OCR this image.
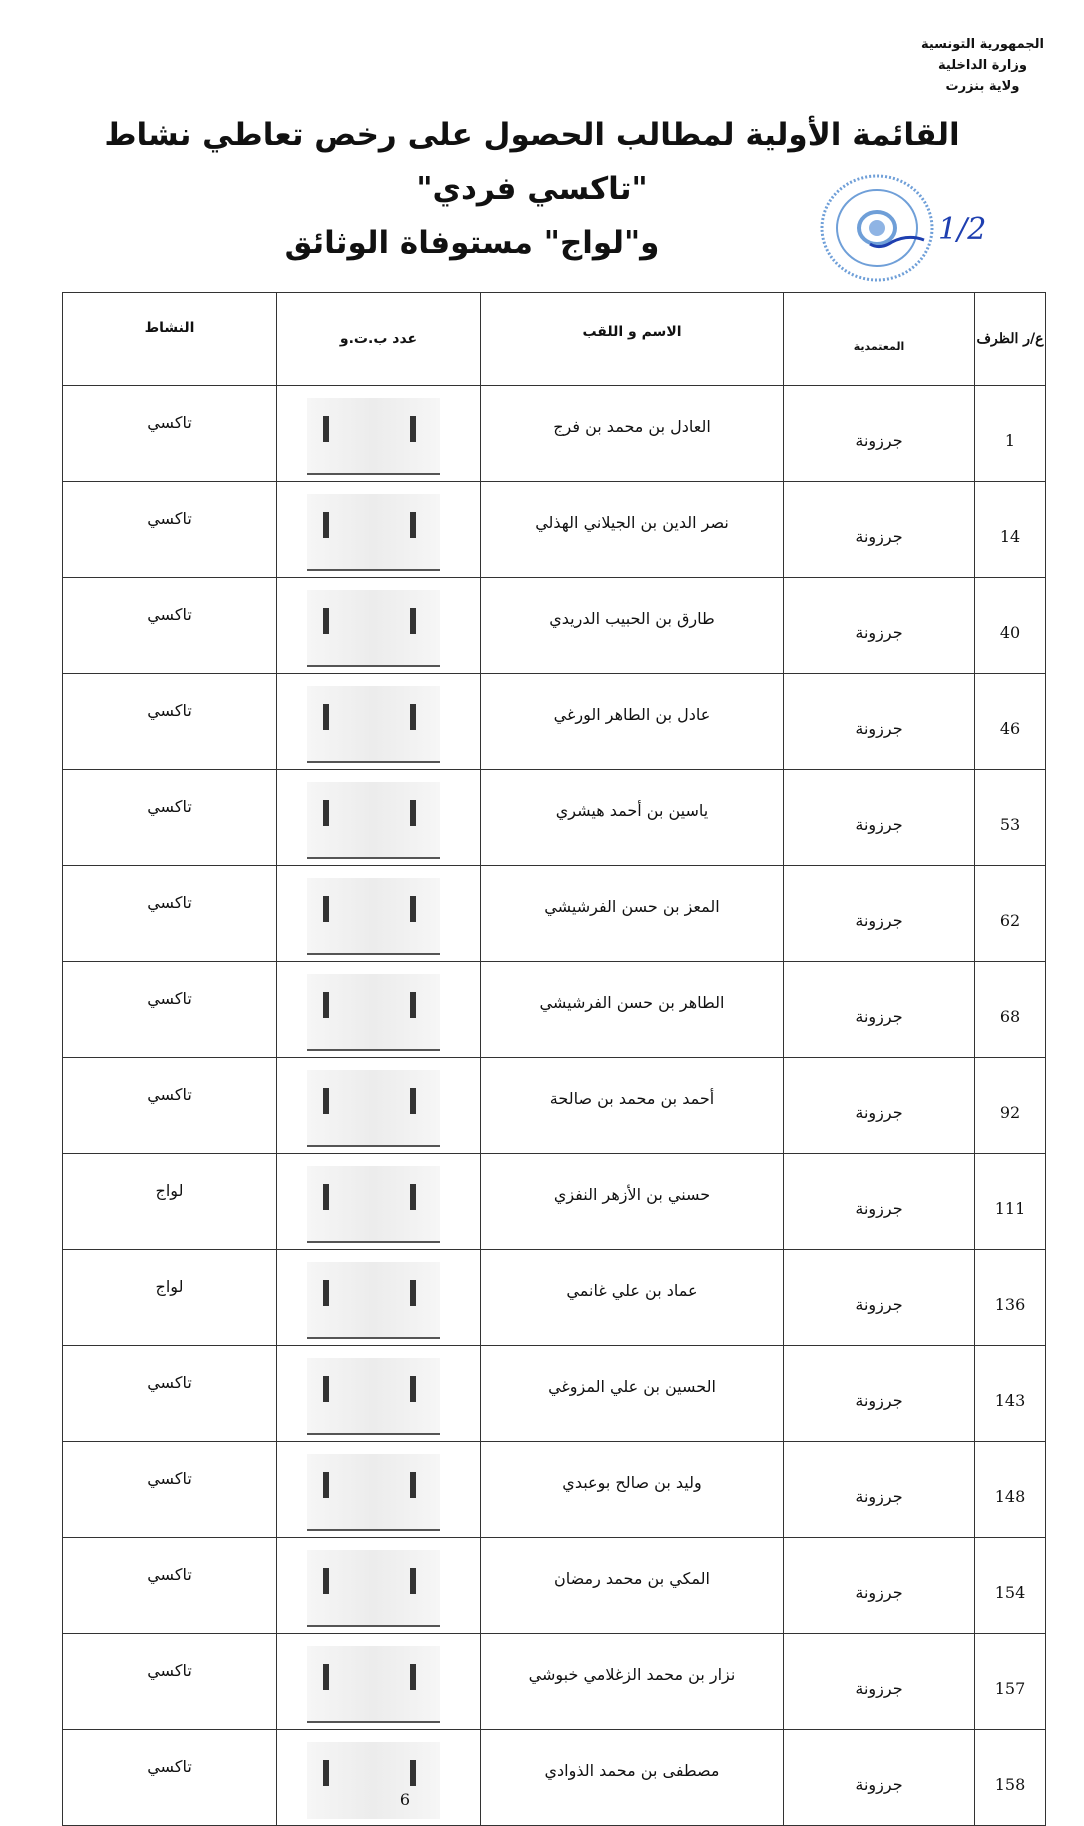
الجمهورية التونسية
وزارة الداخلية
ولاية بنزرت
القائمة الأولية لمطالب الحصول على رخص تعاطي نشاط "تاكسي فردي"
و"لواج" مستوفاة الوثائق	1/2
ع/ر الظرف	المعتمدية	الاسم و اللقب	عدد ب.ت.و	النشاط
1	جرزونة	العادل بن محمد بن فرج		تاكسي
14	جرزونة	نصر الدين بن الجيلاني الهذلي		تاكسي
40	جرزونة	طارق بن الحبيب الدريدي		تاكسي
46	جرزونة	عادل بن الطاهر الورغي		تاكسي
53	جرزونة	ياسين بن أحمد هيشري		تاكسي
62	جرزونة	المعز بن حسن الفرشيشي		تاكسي
68	جرزونة	الطاهر بن حسن الفرشيشي		تاكسي
92	جرزونة	أحمد بن محمد بن صالحة		تاكسي
111	جرزونة	حسني بن الأزهر النفزي		لواج
136	جرزونة	عماد بن علي غانمي		لواج
143	جرزونة	الحسين بن علي المزوغي		تاكسي
148	جرزونة	وليد بن صالح بوعبدي		تاكسي
154	جرزونة	المكي بن محمد رمضان		تاكسي
157	جرزونة	نزار بن محمد الزغلامي خبوشي		تاكسي
158	جرزونة	مصطفى بن محمد الذوادي	6	تاكسي
